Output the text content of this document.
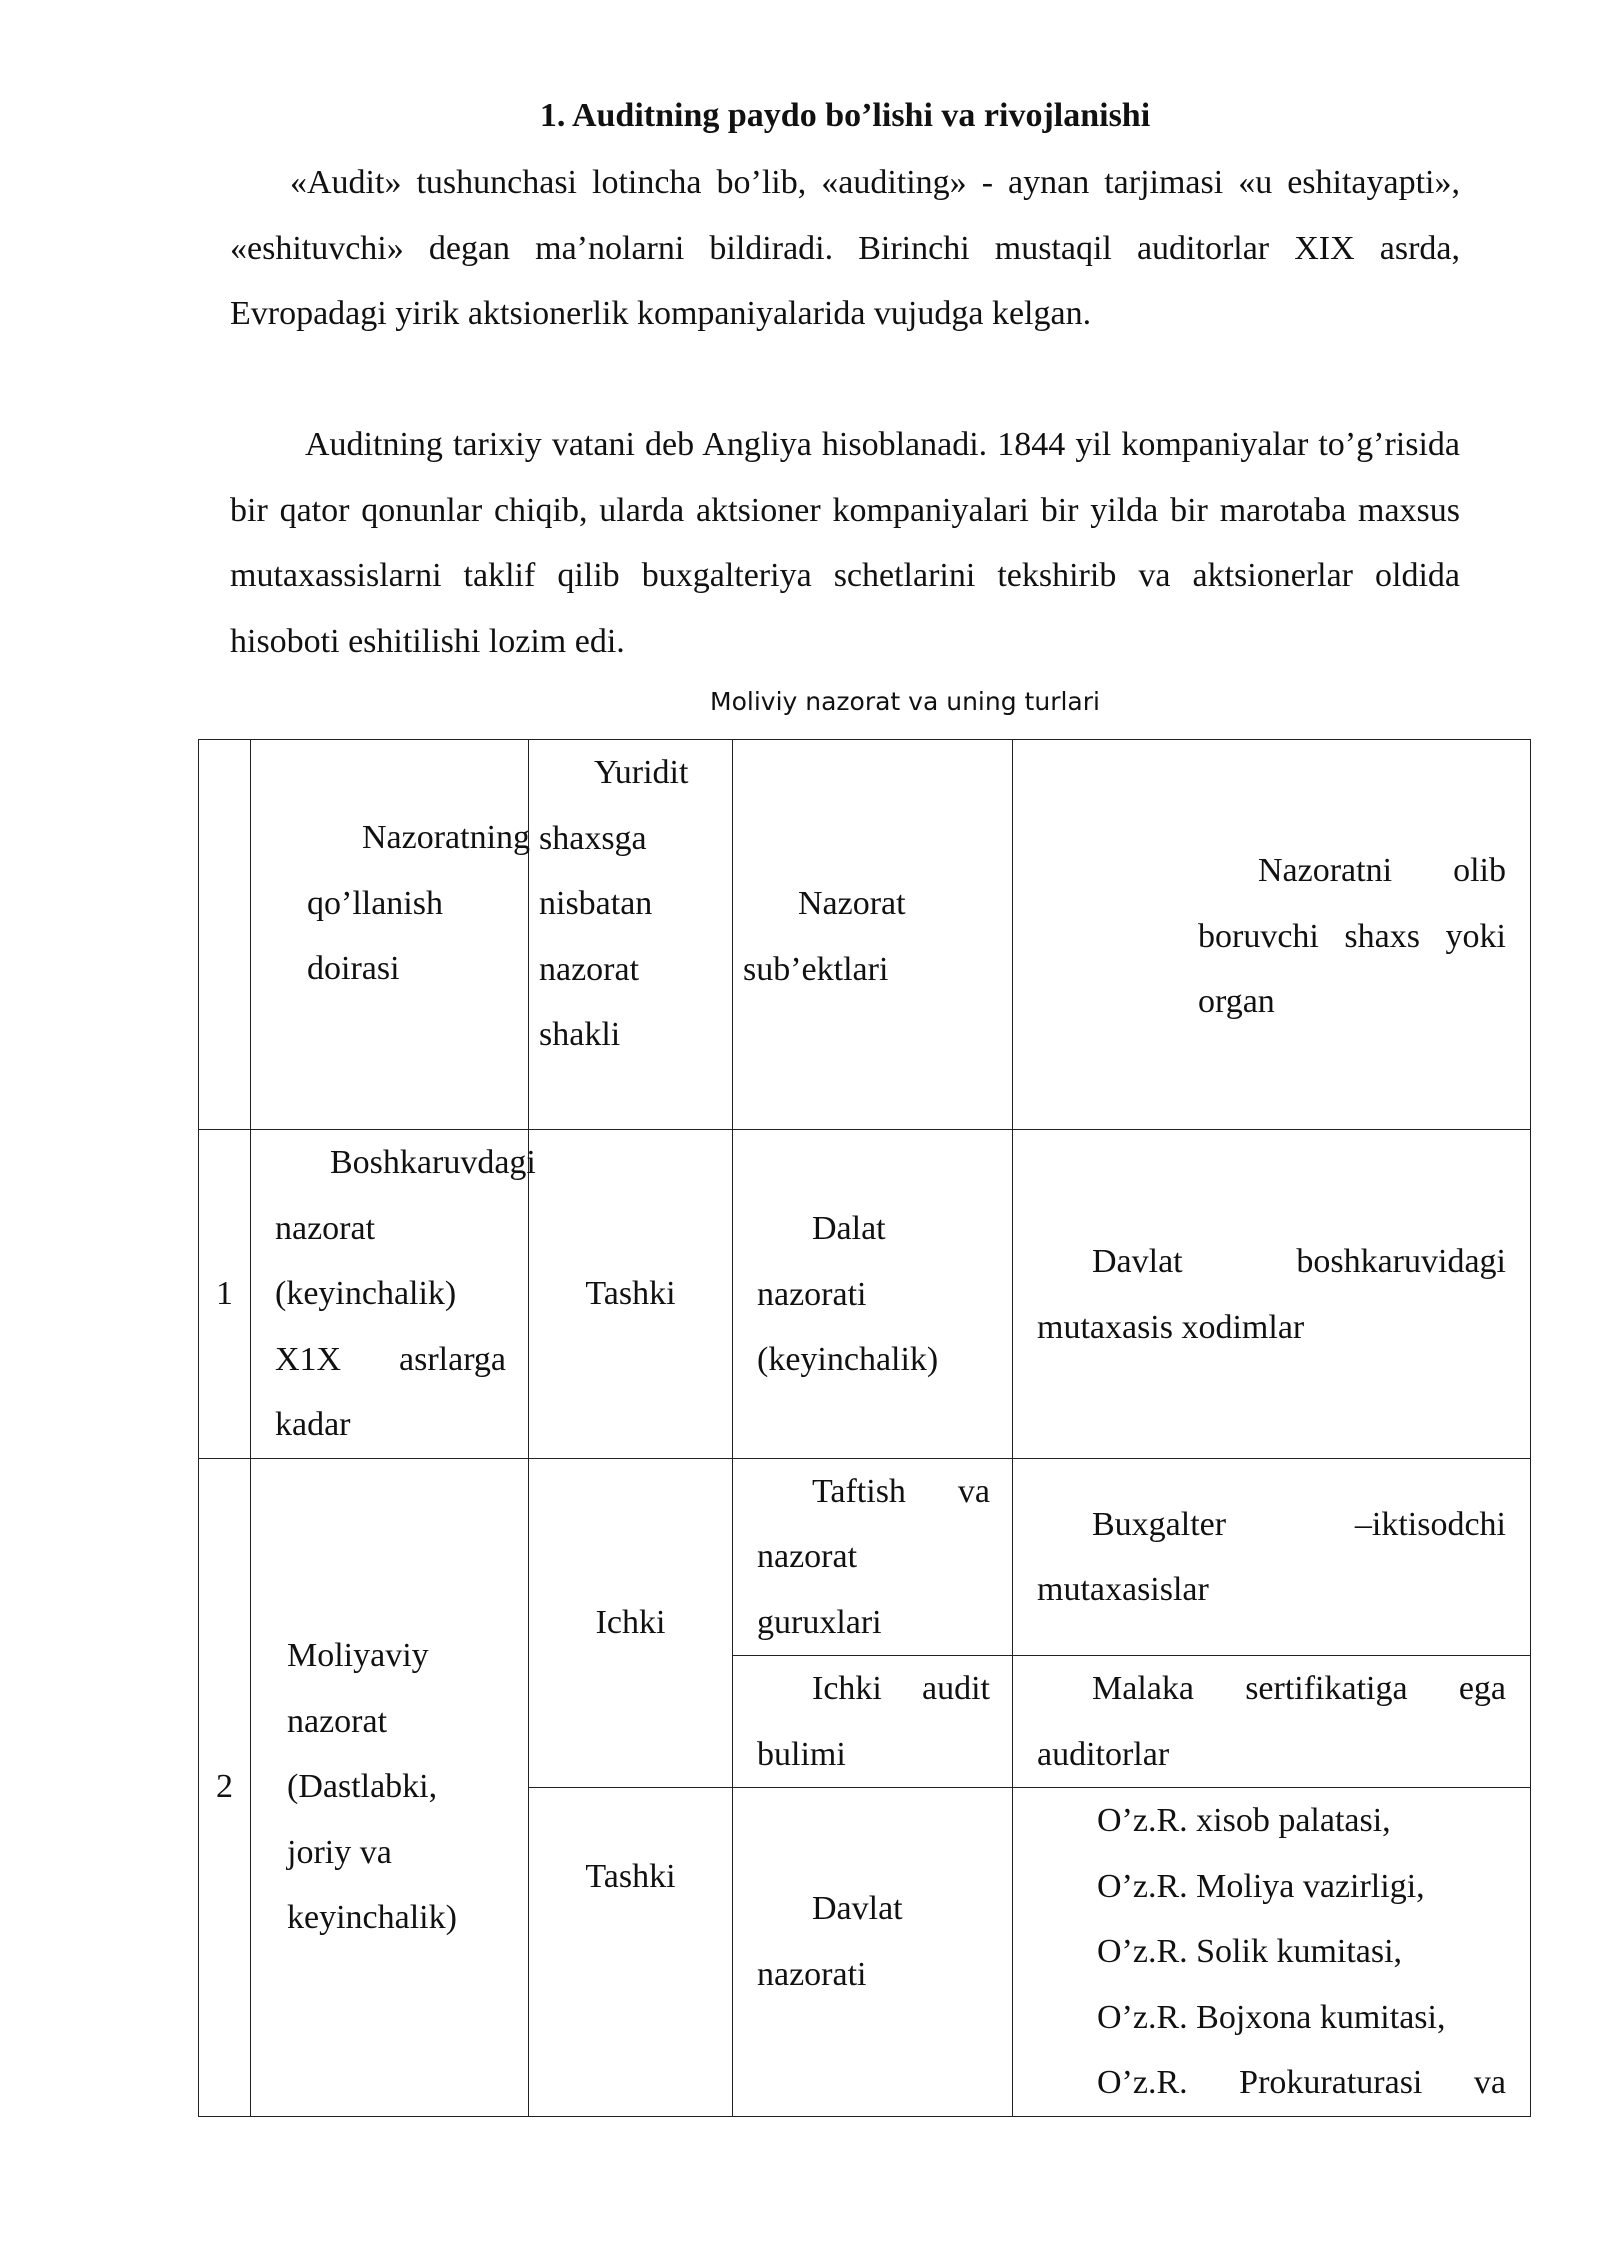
1. Auditning paydo bo’lishi va rivojlanishi

«Audit» tushunchasi lotincha bo’lib, «auditing» - aynan tarjimasi «u eshitayapti», «eshituvchi» degan ma’nolarni bildiradi. Birinchi mustaqil auditorlar XIX asrda, Evropadagi yirik aktsionerlik kompaniyalarida vujudga kelgan.

Auditning tarixiy vatani deb Angliya hisoblanadi. 1844 yil kompaniyalar to’g’risida bir qator qonunlar chiqib, ularda aktsioner kompaniyalari bir yilda bir marotaba maxsus mutaxassislarni taklif qilib buxgalteriya schetlarini tekshirib va aktsionerlar oldida hisoboti eshitilishi lozim edi.

Moliviy nazorat va uning turlari

	Nazoratning qo’llanish doirasi	Yuridit shaxsga nisbatan nazorat shakli	Nazorat sub’ektlari	Nazoratni olib boruvchi shaxs yoki organ

1	Boshkaruvdagi nazorat (keyinchalik) X1X asrlarga kadar	Tashki	Dalat nazorati (keyinchalik)	Davlat boshkaruvidagi mutaxasis xodimlar

2	Moliyaviy nazorat (Dastlabki, joriy va keyinchalik)	Ichki	Taftish va nazorat guruxlari	Buxgalter –iktisodchi mutaxasislar

			Ichki audit bulimi	Malaka sertifikatiga ega auditorlar

		Tashki	Davlat nazorati	O’z.R. xisob palatasi,
O’z.R. Moliya vazirligi,
O’z.R. Solik kumitasi,
O’z.R. Bojxona kumitasi,
O’z.R. Prokuraturasi va
